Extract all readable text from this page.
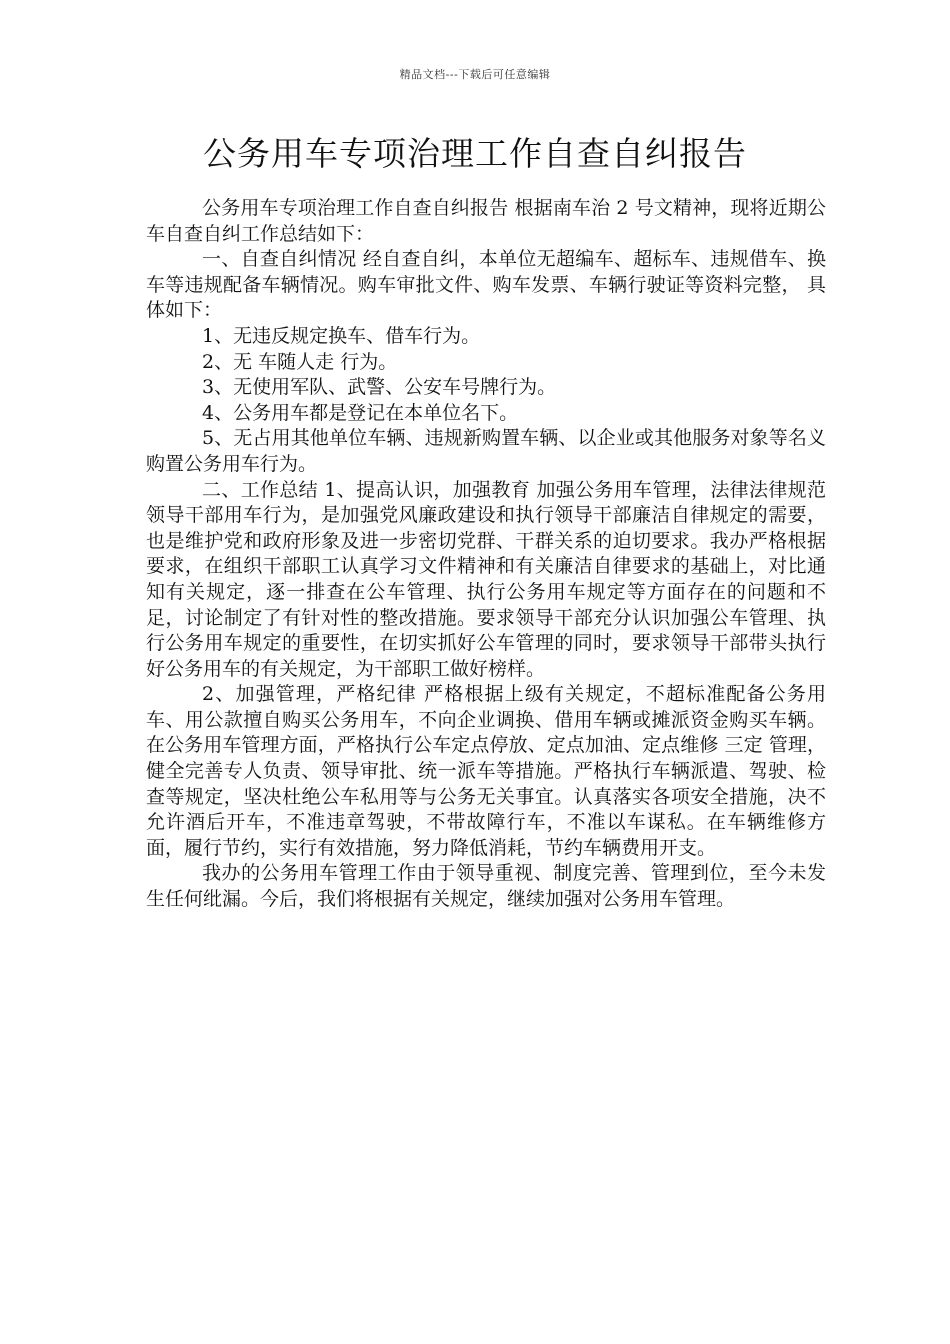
精品文档---下载后可任意编辑
公务用车专项治理工作自查自纠报告

公务用车专项治理工作自查自纠报告 根据南车治 2 号文精神，现将近期公车自查自纠工作总结如下：

一、自查自纠情况 经自查自纠，本单位无超编车、超标车、违规借车、换车等违规配备车辆情况。购车审批文件、购车发票、车辆行驶证等资料完整， 具体如下：

1、无违反规定换车、借车行为。

2、无 车随人走 行为。

3、无使用军队、武警、公安车号牌行为。

4、公务用车都是登记在本单位名下。

5、无占用其他单位车辆、违规新购置车辆、以企业或其他服务对象等名义购置公务用车行为。

二、工作总结 1、提高认识，加强教育 加强公务用车管理，法律法律规范领导干部用车行为，是加强党风廉政建设和执行领导干部廉洁自律规定的需要，也是维护党和政府形象及进一步密切党群、干群关系的迫切要求。我办严格根据要求，在组织干部职工认真学习文件精神和有关廉洁自律要求的基础上，对比通知有关规定，逐一排查在公车管理、执行公务用车规定等方面存在的问题和不足，讨论制定了有针对性的整改措施。要求领导干部充分认识加强公车管理、执行公务用车规定的重要性，在切实抓好公车管理的同时，要求领导干部带头执行好公务用车的有关规定，为干部职工做好榜样。

2、加强管理，严格纪律 严格根据上级有关规定，不超标准配备公务用车、用公款擅自购买公务用车，不向企业调换、借用车辆或摊派资金购买车辆。在公务用车管理方面，严格执行公车定点停放、定点加油、定点维修 三定 管理，健全完善专人负责、领导审批、统一派车等措施。严格执行车辆派遣、驾驶、检查等规定，坚决杜绝公车私用等与公务无关事宜。认真落实各项安全措施，决不允许酒后开车，不准违章驾驶，不带故障行车，不准以车谋私。在车辆维修方面，履行节约，实行有效措施，努力降低消耗，节约车辆费用开支。

我办的公务用车管理工作由于领导重视、制度完善、管理到位，至今未发生任何纰漏。今后，我们将根据有关规定，继续加强对公务用车管理。
